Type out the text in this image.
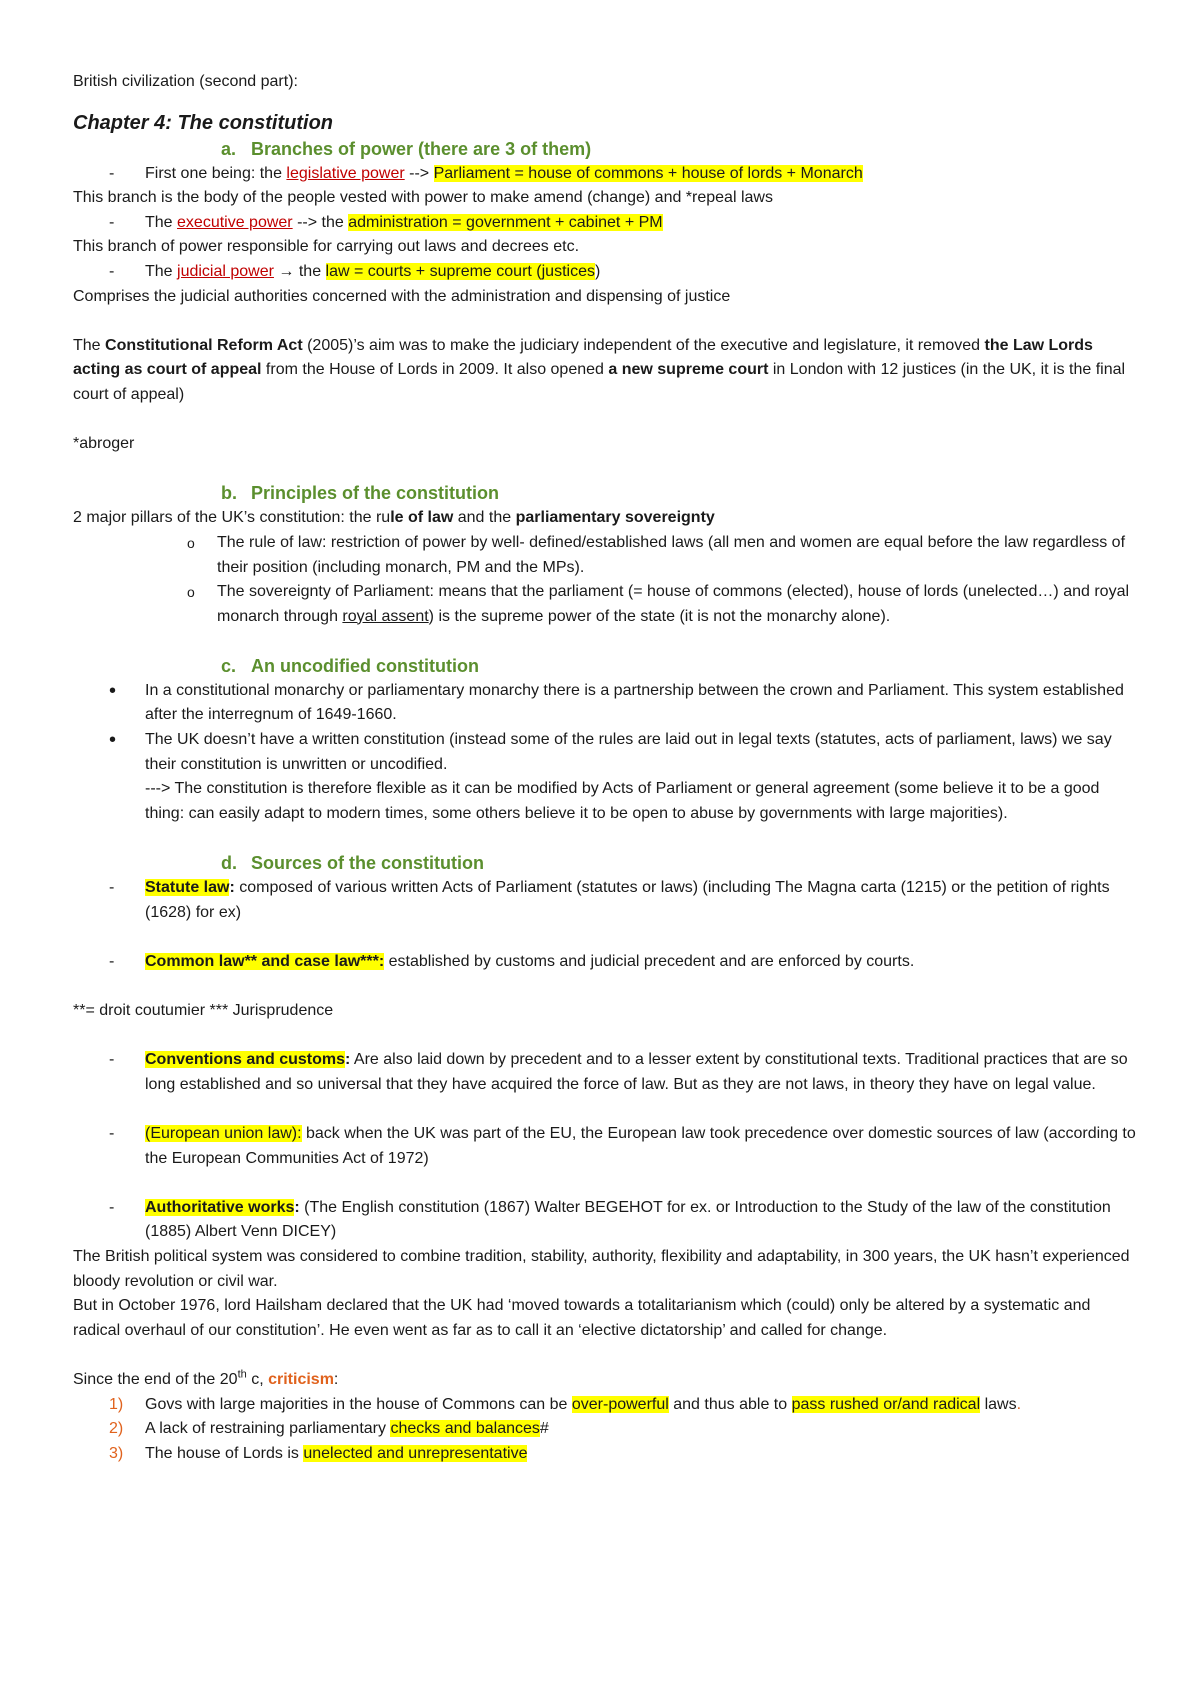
British civilization (second part):

Chapter 4: The constitution

a. Branches of power (there are 3 of them)

- First one being: the legislative power --> Parliament = house of commons + house of lords + Monarch

This branch is the body of the people vested with power to make amend (change) and *repeal laws

- The executive power --> the administration = government + cabinet + PM

This branch of power responsible for carrying out laws and decrees etc.

- The judicial power → the law = courts + supreme court (justices)

Comprises the judicial authorities concerned with the administration and dispensing of justice

The Constitutional Reform Act (2005)’s aim was to make the judiciary independent of the executive and legislature, it removed the Law Lords acting as court of appeal from the House of Lords in 2009. It also opened a new supreme court in London with 12 justices (in the UK, it is the final court of appeal)

*abroger

b. Principles of the constitution

2 major pillars of the UK’s constitution: the rule of law and the parliamentary sovereignty

o The rule of law: restriction of power by well- defined/established laws (all men and women are equal before the law regardless of their position (including monarch, PM and the MPs).

o The sovereignty of Parliament: means that the parliament (= house of commons (elected), house of lords (unelected…) and royal monarch through royal assent) is the supreme power of the state (it is not the monarchy alone).

c. An uncodified constitution

• In a constitutional monarchy or parliamentary monarchy there is a partnership between the crown and Parliament. This system established after the interregnum of 1649-1660.

• The UK doesn’t have a written constitution (instead some of the rules are laid out in legal texts (statutes, acts of parliament, laws) we say their constitution is unwritten or uncodified.

---> The constitution is therefore flexible as it can be modified by Acts of Parliament or general agreement (some believe it to be a good thing: can easily adapt to modern times, some others believe it to be open to abuse by governments with large majorities).

d. Sources of the constitution

- Statute law: composed of various written Acts of Parliament (statutes or laws) (including The Magna carta (1215) or the petition of rights (1628) for ex)

- Common law** and case law***: established by customs and judicial precedent and are enforced by courts.

**= droit coutumier *** Jurisprudence

- Conventions and customs: Are also laid down by precedent and to a lesser extent by constitutional texts. Traditional practices that are so long established and so universal that they have acquired the force of law. But as they are not laws, in theory they have on legal value.

- (European union law): back when the UK was part of the EU, the European law took precedence over domestic sources of law (according to the European Communities Act of 1972)

- Authoritative works: (The English constitution (1867) Walter BEGEHOT for ex. or Introduction to the Study of the law of the constitution (1885) Albert Venn DICEY)

The British political system was considered to combine tradition, stability, authority, flexibility and adaptability, in 300 years, the UK hasn’t experienced bloody revolution or civil war.

But in October 1976, lord Hailsham declared that the UK had ‘moved towards a totalitarianism which (could) only be altered by a systematic and radical overhaul of our constitution’. He even went as far as to call it an ‘elective dictatorship’ and called for change.

Since the end of the 20th c, criticism:

1) Govs with large majorities in the house of Commons can be over-powerful and thus able to pass rushed or/and radical laws.

2) A lack of restraining parliamentary checks and balances#

3) The house of Lords is unelected and unrepresentative
